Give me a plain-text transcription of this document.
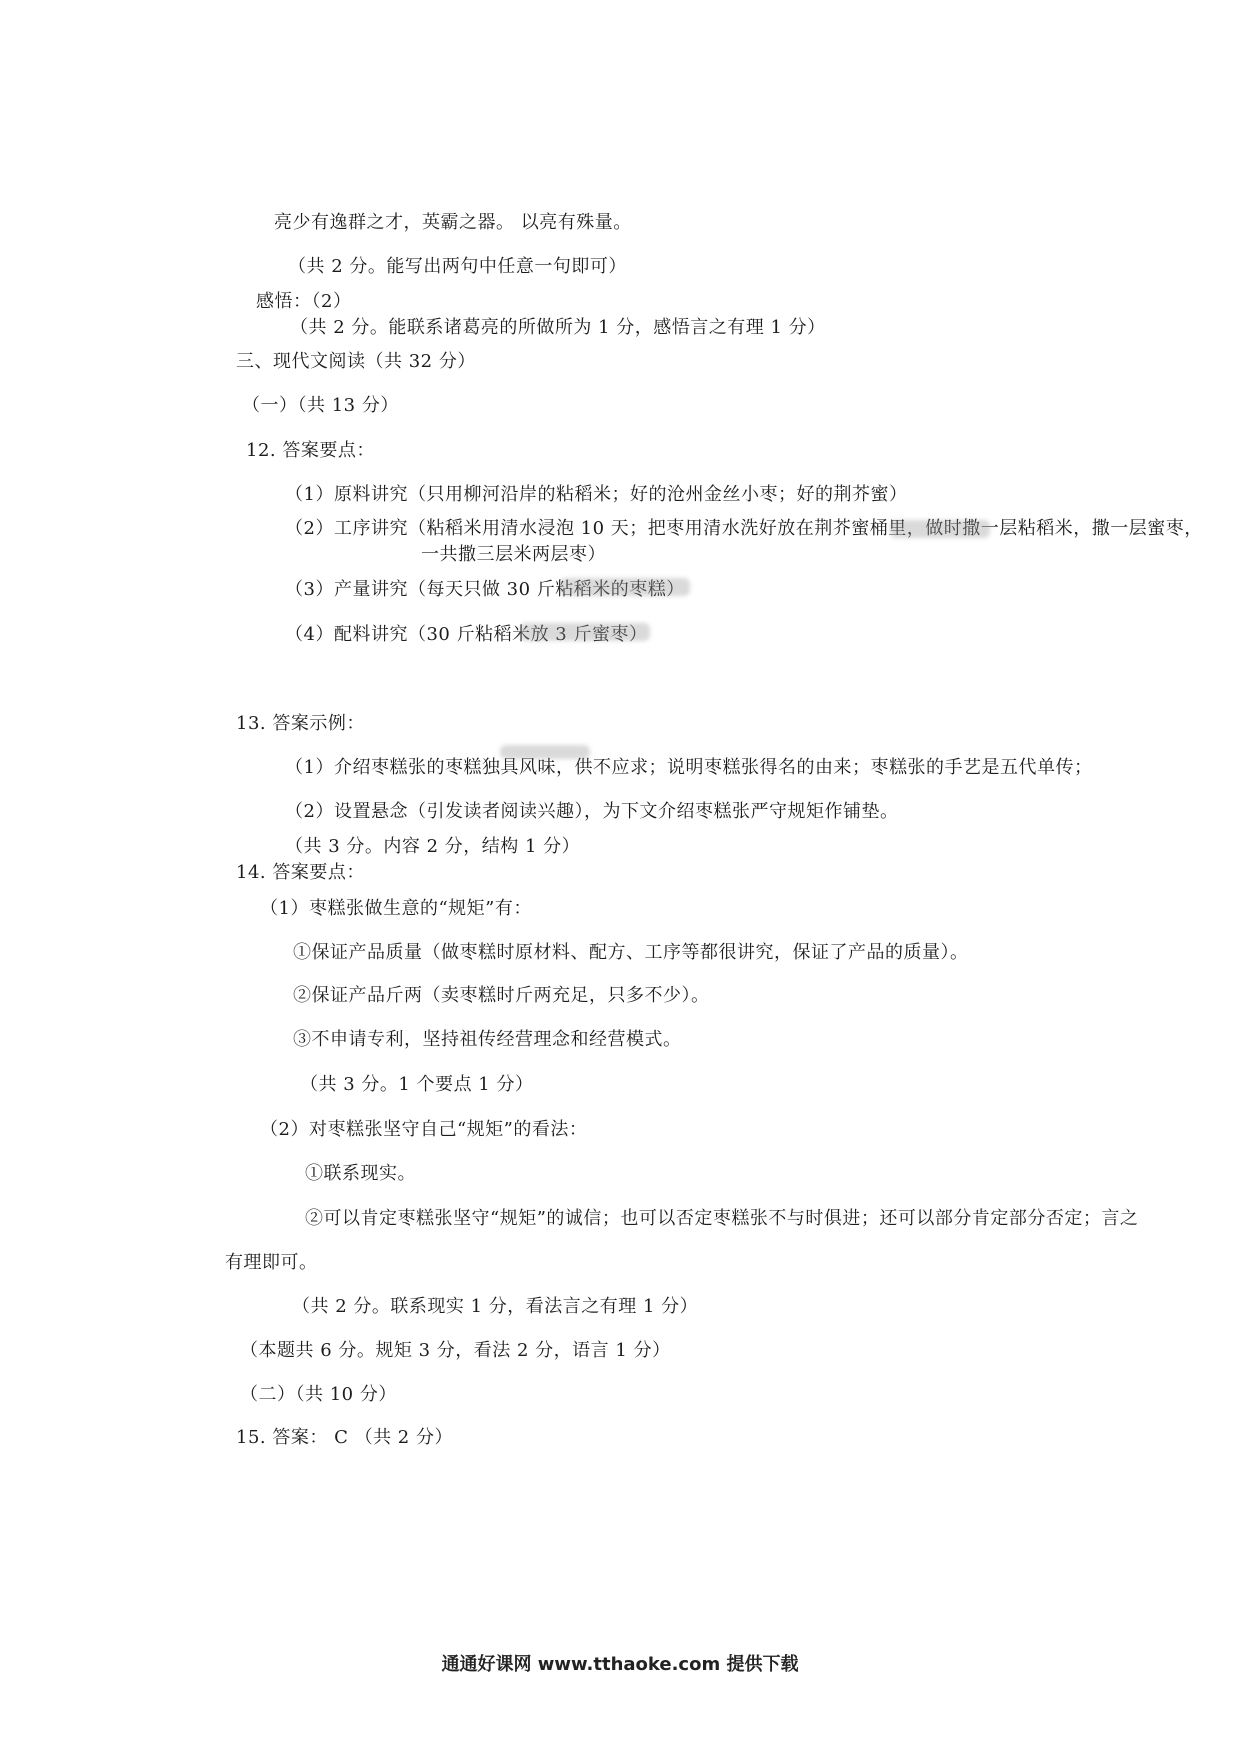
亮少有逸群之才，英霸之器。 以亮有殊量。
（共 2 分。能写出两句中任意一句即可）
感悟：（2）
（共 2 分。能联系诸葛亮的所做所为 1 分，感悟言之有理 1 分）
三、现代文阅读（共 32 分）
（一）（共 13 分）
12. 答案要点：
（1）原料讲究（只用柳河沿岸的粘稻米；好的沧州金丝小枣；好的荆芥蜜）
（2）工序讲究（粘稻米用清水浸泡 10 天；把枣用清水洗好放在荆芥蜜桶里，做时撒一层粘稻米，撒一层蜜枣，
一共撒三层米两层枣）
（3）产量讲究（每天只做 30 斤粘稻米的枣糕）
（4）配料讲究（30 斤粘稻米放 3 斤蜜枣）
13. 答案示例：
（1）介绍枣糕张的枣糕独具风味，供不应求；说明枣糕张得名的由来；枣糕张的手艺是五代单传；
（2）设置悬念（引发读者阅读兴趣），为下文介绍枣糕张严守规矩作铺垫。
（共 3 分。内容 2 分，结构 1 分）
14. 答案要点：
（1）枣糕张做生意的“规矩”有：
①保证产品质量（做枣糕时原材料、配方、工序等都很讲究，保证了产品的质量）。
②保证产品斤两（卖枣糕时斤两充足，只多不少）。
③不申请专利，坚持祖传经营理念和经营模式。
（共 3 分。1 个要点 1 分）
（2）对枣糕张坚守自己“规矩”的看法：
①联系现实。
②可以肯定枣糕张坚守“规矩”的诚信；也可以否定枣糕张不与时俱进；还可以部分肯定部分否定；言之
有理即可。
（共 2 分。联系现实 1 分，看法言之有理 1 分）
（本题共 6 分。规矩 3 分，看法 2 分，语言 1 分）
（二）（共 10 分）
15. 答案： C （共 2 分）
通通好课网 www.tthaoke.com 提供下载
